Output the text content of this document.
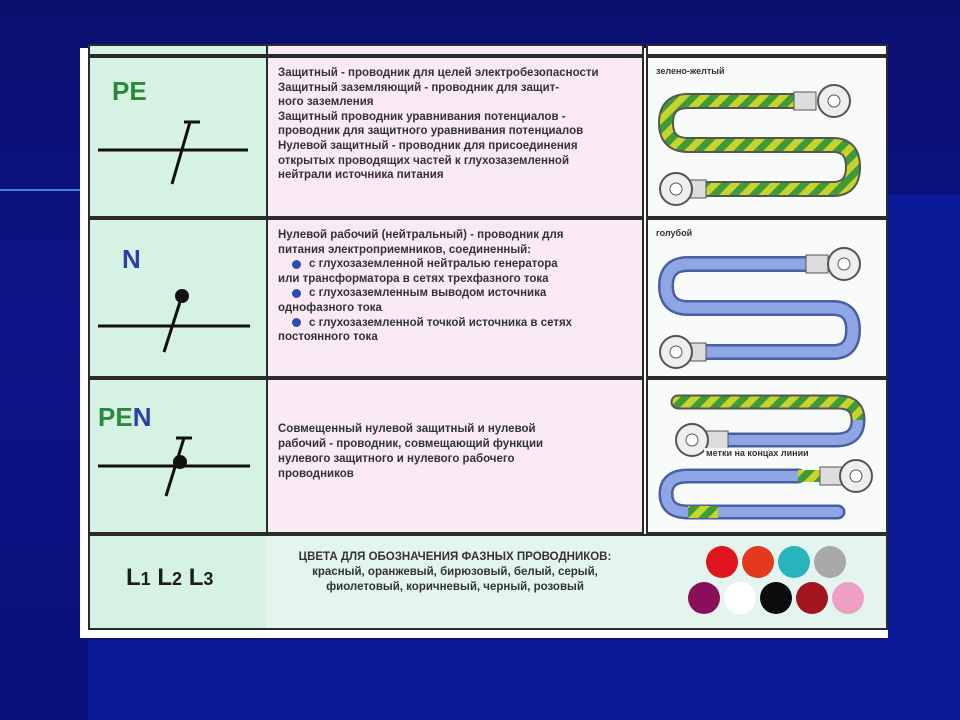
PE
Защитный - проводник для целей электробезопасности
Защитный заземляющий - проводник для защит-
ного заземления
Защитный проводник уравнивания потенциалов -
проводник для защитного уравнивания потенциалов
Нулевой защитный - проводник для присоединения
открытых проводящих частей к глухозаземленной
нейтрали источника питания
зелено-желтый
N
Нулевой рабочий (нейтральный) - проводник для
питания электроприемников, соединенный:
с глухозаземленной нейтралью генератора
или трансформатора в сетях трехфазного тока
с глухозаземленным выводом источника
однофазного тока
с глухозаземленной точкой источника в сетях
постоянного тока
голубой
PEN	Совмещенный нулевой защитный и нулевой
рабочий - проводник, совмещающий функции
нулевого защитного и нулевого рабочего
проводников
метки на концах линии
L1 L2 L3
ЦВЕТА ДЛЯ ОБОЗНАЧЕНИЯ ФАЗНЫХ ПРОВОДНИКОВ:
красный, оранжевый, бирюзовый, белый, серый,
фиолетовый, коричневый, черный, розовый
